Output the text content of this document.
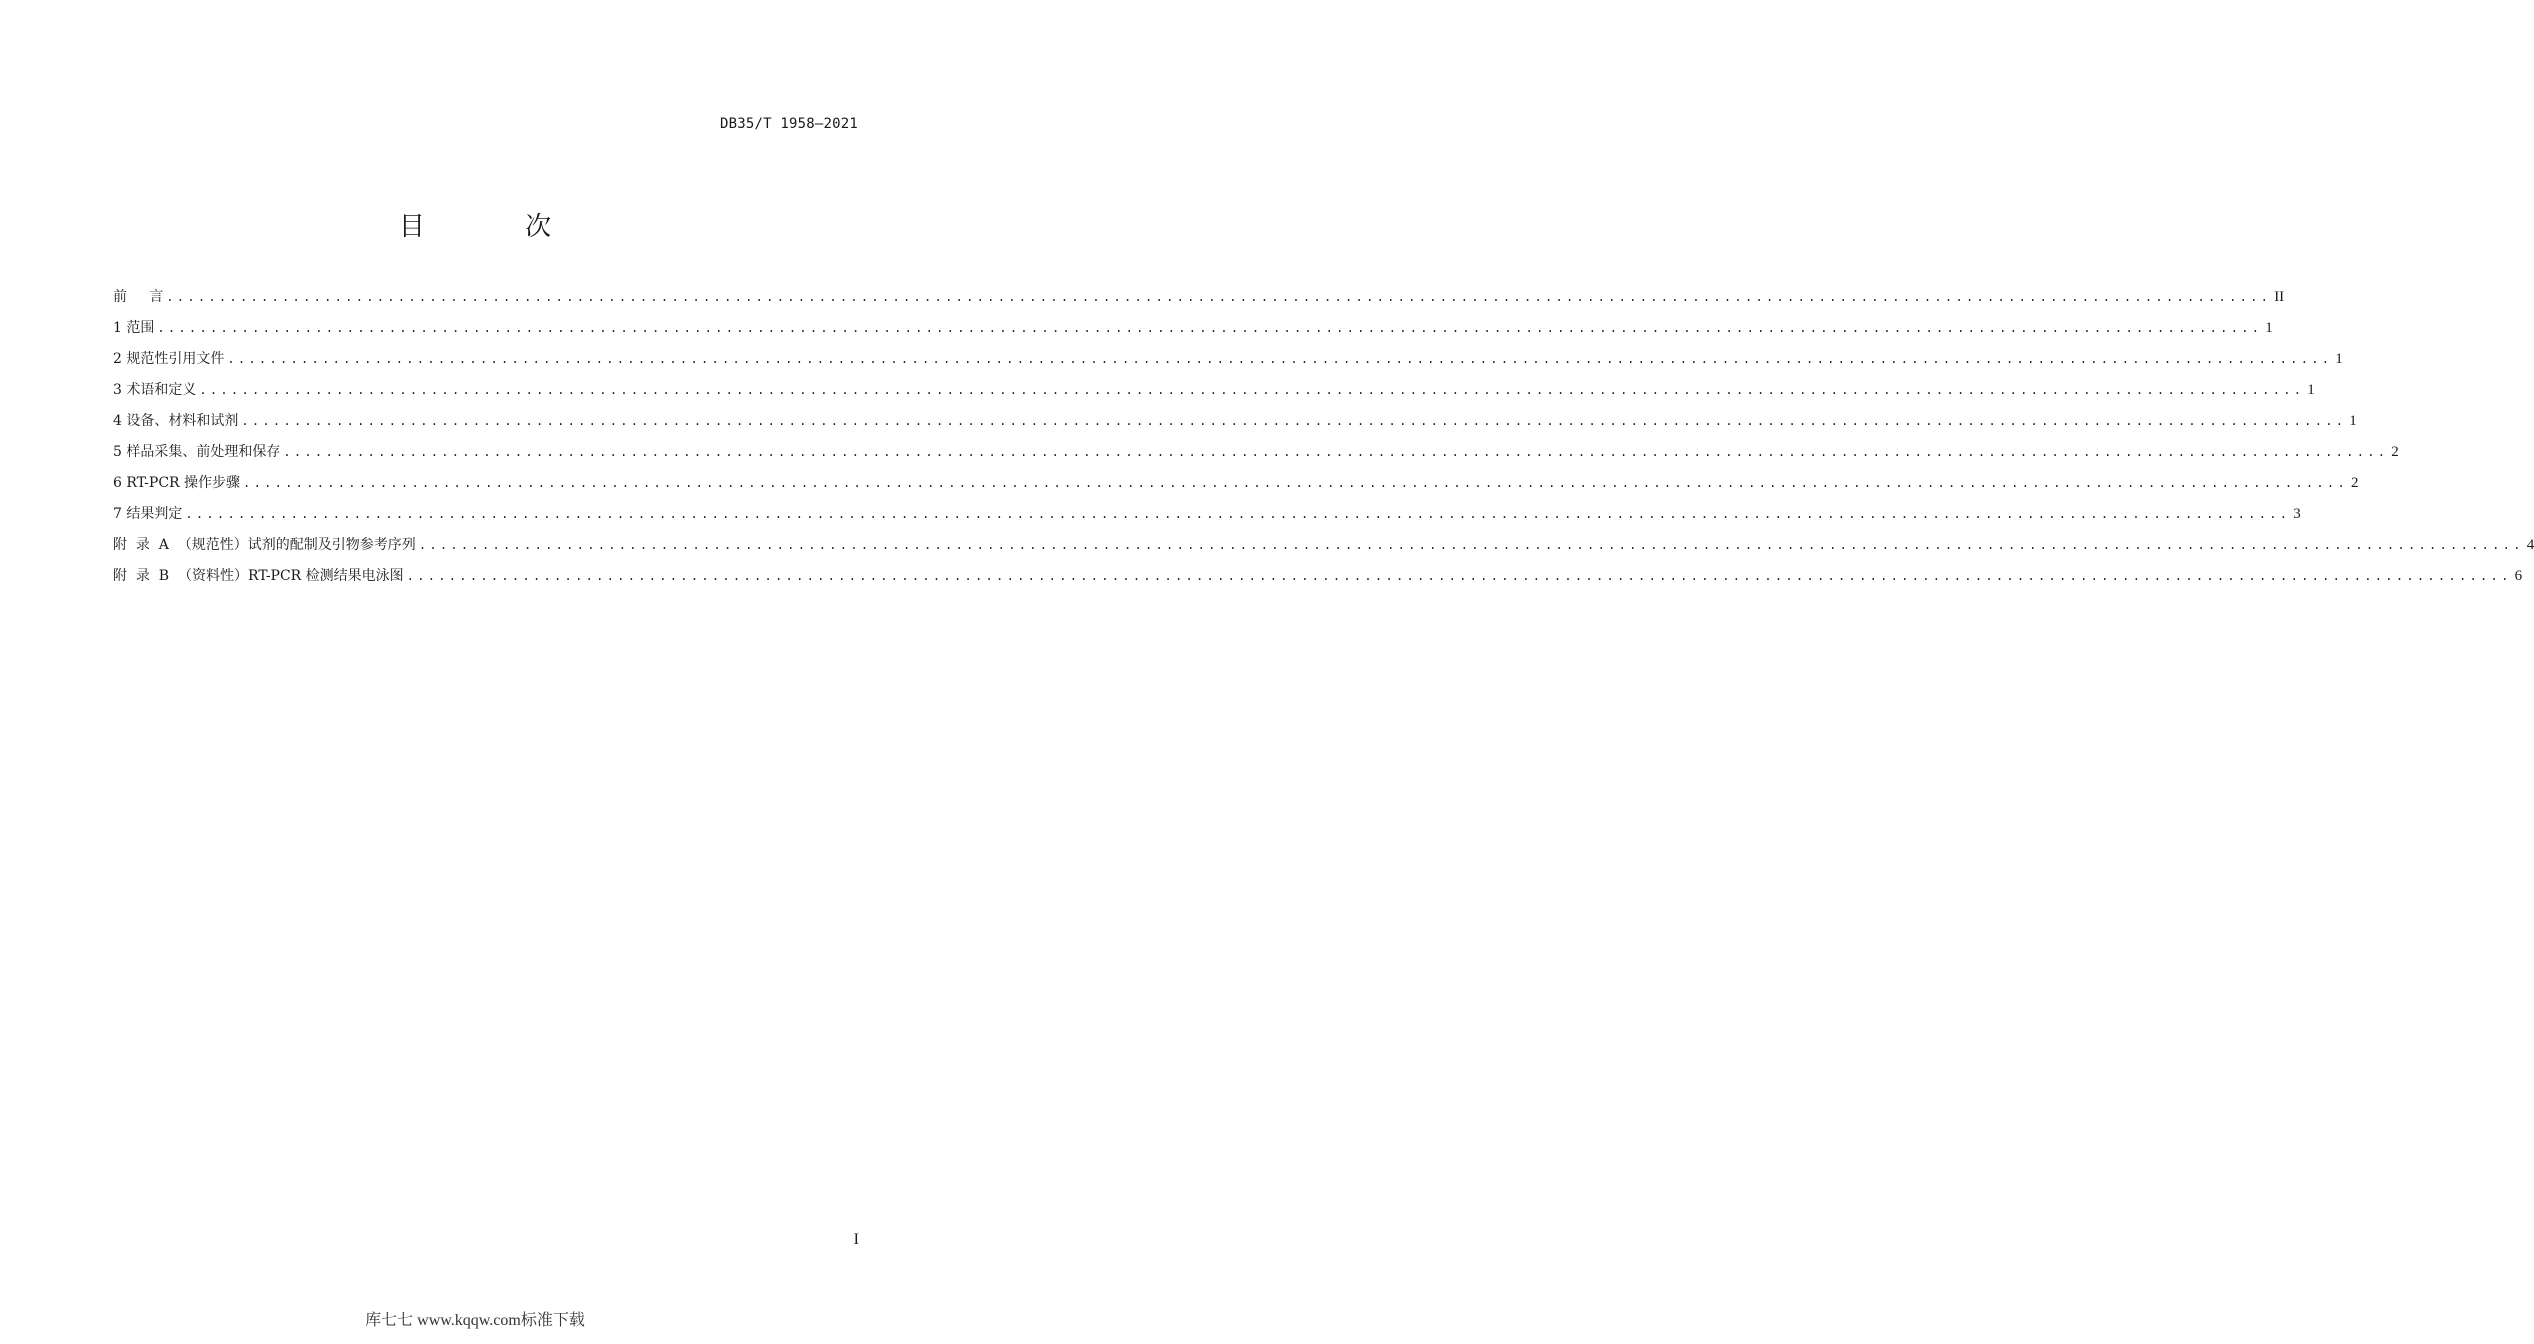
DB35/T 1958—2021
目 次
前     言 ........................................................................................................................................................................................................ II
1 范围 ........................................................................................................................................................................................................ 1
2 规范性引用文件 ........................................................................................................................................................................................................ 1
3 术语和定义 ........................................................................................................................................................................................................ 1
4 设备、材料和试剂 ........................................................................................................................................................................................................ 1
5 样品采集、前处理和保存 ........................................................................................................................................................................................................ 2
6 RT-PCR 操作步骤 ........................................................................................................................................................................................................ 2
7 结果判定 ........................................................................................................................................................................................................ 3
附  录  A  （规范性）试剂的配制及引物参考序列 ........................................................................................................................................................................................................ 4
附  录  B  （资料性）RT-PCR 检测结果电泳图 ........................................................................................................................................................................................................ 6
I
库七七 www.kqqw.com标准下载
